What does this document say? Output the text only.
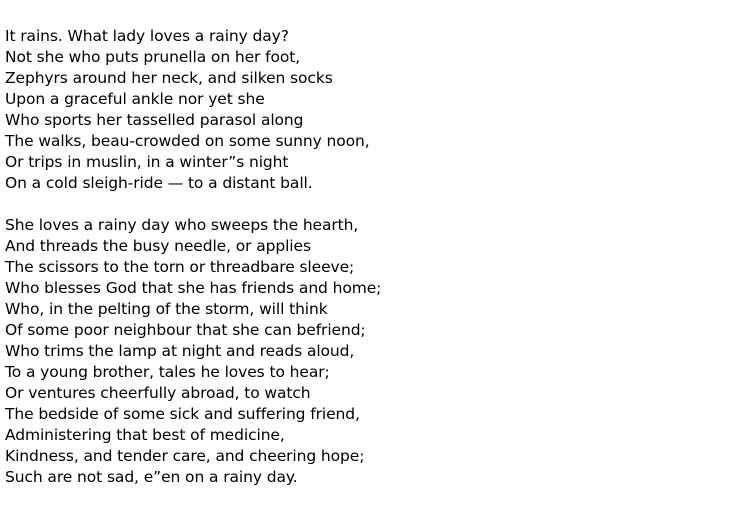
It rains. What lady loves a rainy day?
Not she who puts prunella on her foot,
Zephyrs around her neck, and silken socks
Upon a graceful ankle nor yet she
Who sports her tasselled parasol along
The walks, beau-crowded on some sunny noon,
Or trips in muslin, in a winter”s night
On a cold sleigh-ride — to a distant ball.
She loves a rainy day who sweeps the hearth,
And threads the busy needle, or applies
The scissors to the torn or threadbare sleeve;
Who blesses God that she has friends and home;
Who, in the pelting of the storm, will think
Of some poor neighbour that she can befriend;
Who trims the lamp at night and reads aloud,
To a young brother, tales he loves to hear;
Or ventures cheerfully abroad, to watch
The bedside of some sick and suffering friend,
Administering that best of medicine,
Kindness, and tender care, and cheering hope;
Such are not sad, e”en on a rainy day.
